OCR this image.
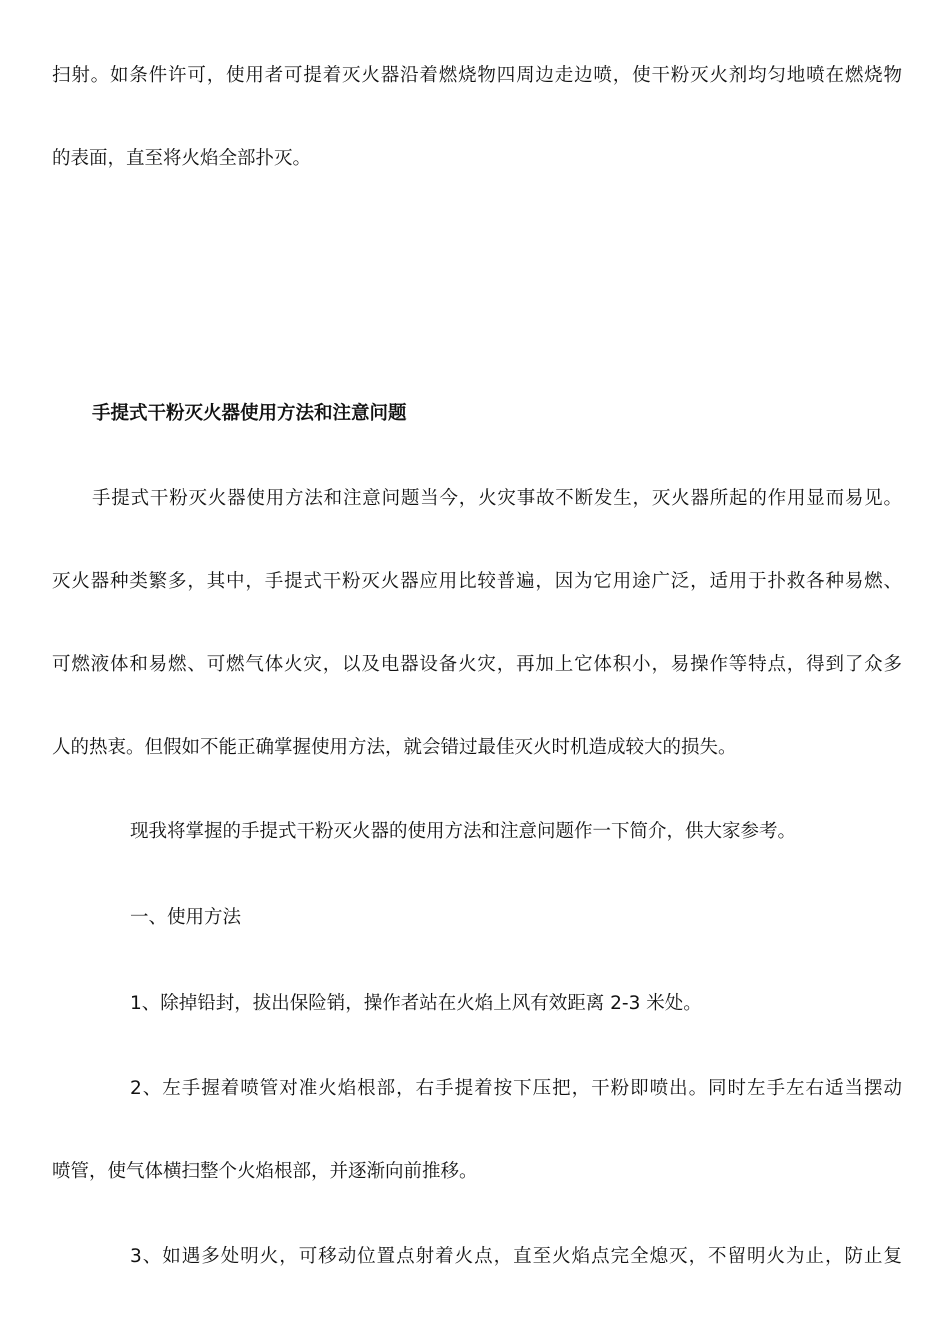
扫射。如条件许可，使用者可提着灭火器沿着燃烧物四周边走边喷，使干粉灭火剂均匀地喷在燃烧物
的表面，直至将火焰全部扑灭。
手提式干粉灭火器使用方法和注意问题
手提式干粉灭火器使用方法和注意问题当今，火灾事故不断发生，灭火器所起的作用显而易见。
灭火器种类繁多，其中，手提式干粉灭火器应用比较普遍，因为它用途广泛，适用于扑救各种易燃、
可燃液体和易燃、可燃气体火灾，以及电器设备火灾，再加上它体积小，易操作等特点，得到了众多
人的热衷。但假如不能正确掌握使用方法，就会错过最佳灭火时机造成较大的损失。
现我将掌握的手提式干粉灭火器的使用方法和注意问题作一下简介，供大家参考。
一、使用方法
1、除掉铅封，拔出保险销，操作者站在火焰上风有效距离 2-3 米处。
2、左手握着喷管对准火焰根部，右手提着按下压把，干粉即喷出。同时左手左右适当摆动
喷管，使气体横扫整个火焰根部，并逐渐向前推移。
3、如遇多处明火，可移动位置点射着火点，直至火焰点完全熄灭，不留明火为止，防止复
